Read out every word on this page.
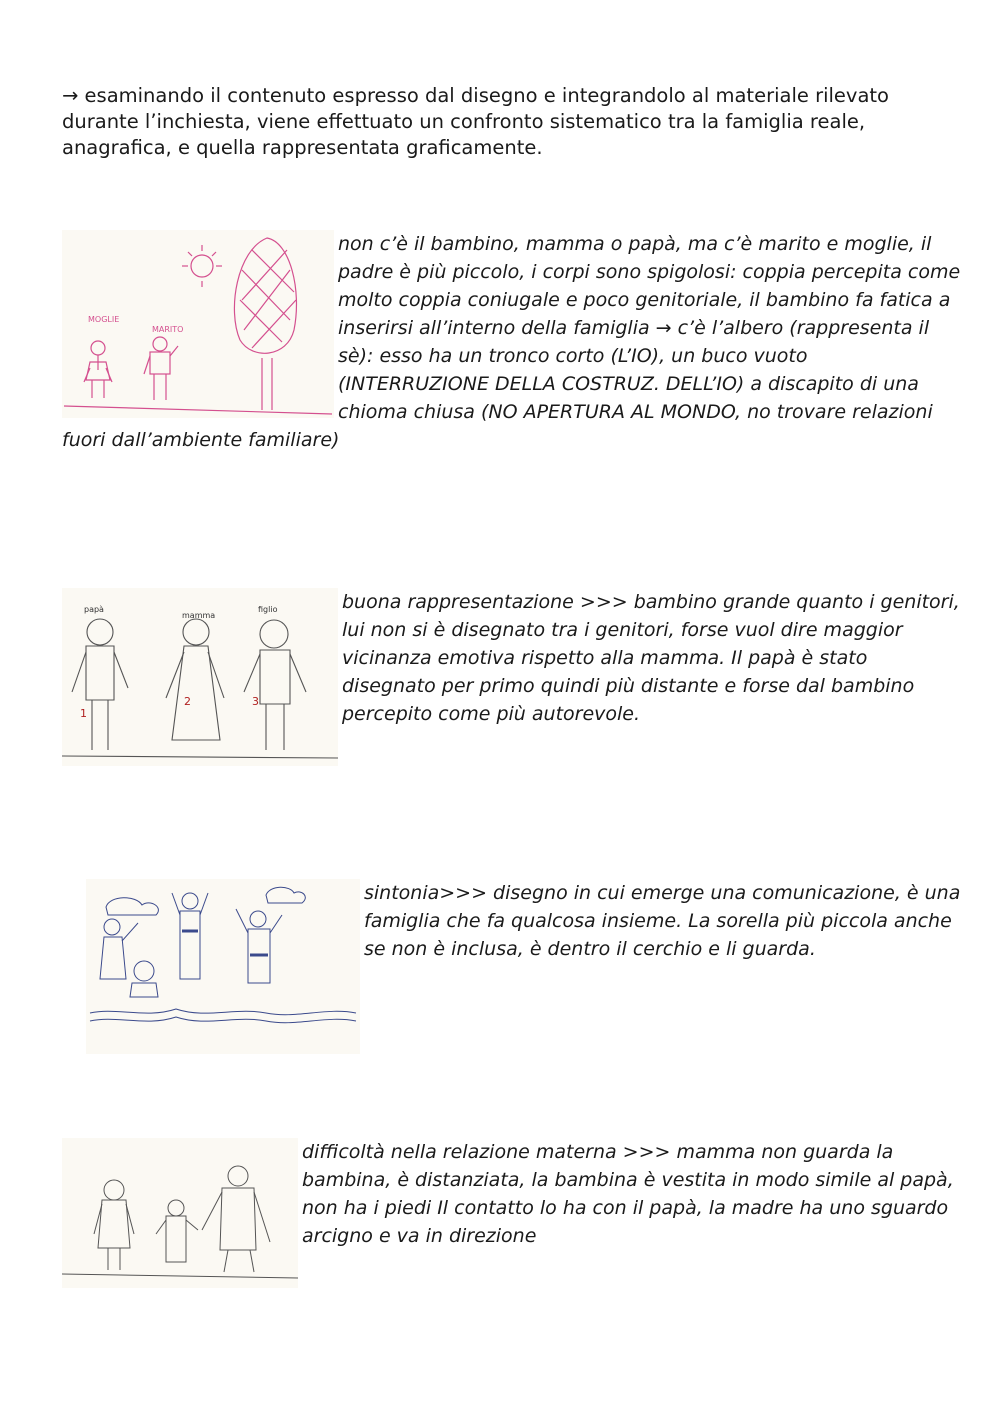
→ esaminando il contenuto espresso dal disegno e integrandolo al materiale rilevato durante l’inchiesta, viene effettuato un confronto sistematico tra la famiglia reale, anagrafica, e quella rappresentata graficamente.
MOGLIE
MARITO
non c’è il bambino, mamma o papà, ma c’è marito e moglie, il padre è più piccolo, i corpi sono spigolosi: coppia percepita come molto coppia coniugale e poco genitoriale, il bambino fa fatica a inserirsi all’interno della famiglia → c’è l’albero (rappresenta il sè): esso ha un tronco corto (L’IO), un buco vuoto (INTERRUZIONE DELLA COSTRUZ. DELL’IO) a discapito di una chioma chiusa (NO APERTURA AL MONDO, no trovare relazioni fuori dall’ambiente familiare)
papà
mamma
figlio
1
2	3
buona rappresentazione >>> bambino grande quanto i genitori, lui non si è disegnato tra i genitori, forse vuol dire maggior vicinanza emotiva rispetto alla mamma. Il papà è stato disegnato per primo quindi più distante e forse dal bambino percepito come più autorevole.
sintonia>>> disegno in cui emerge una comunicazione, è una famiglia che fa qualcosa insieme. La sorella più piccola anche se non è inclusa, è dentro il cerchio e li guarda.
difficoltà nella relazione materna >>> mamma non guarda la bambina, è distanziata, la bambina è vestita in modo simile al papà, non ha i piedi Il contatto lo ha con il papà, la madre ha uno sguardo arcigno e va in direzione
